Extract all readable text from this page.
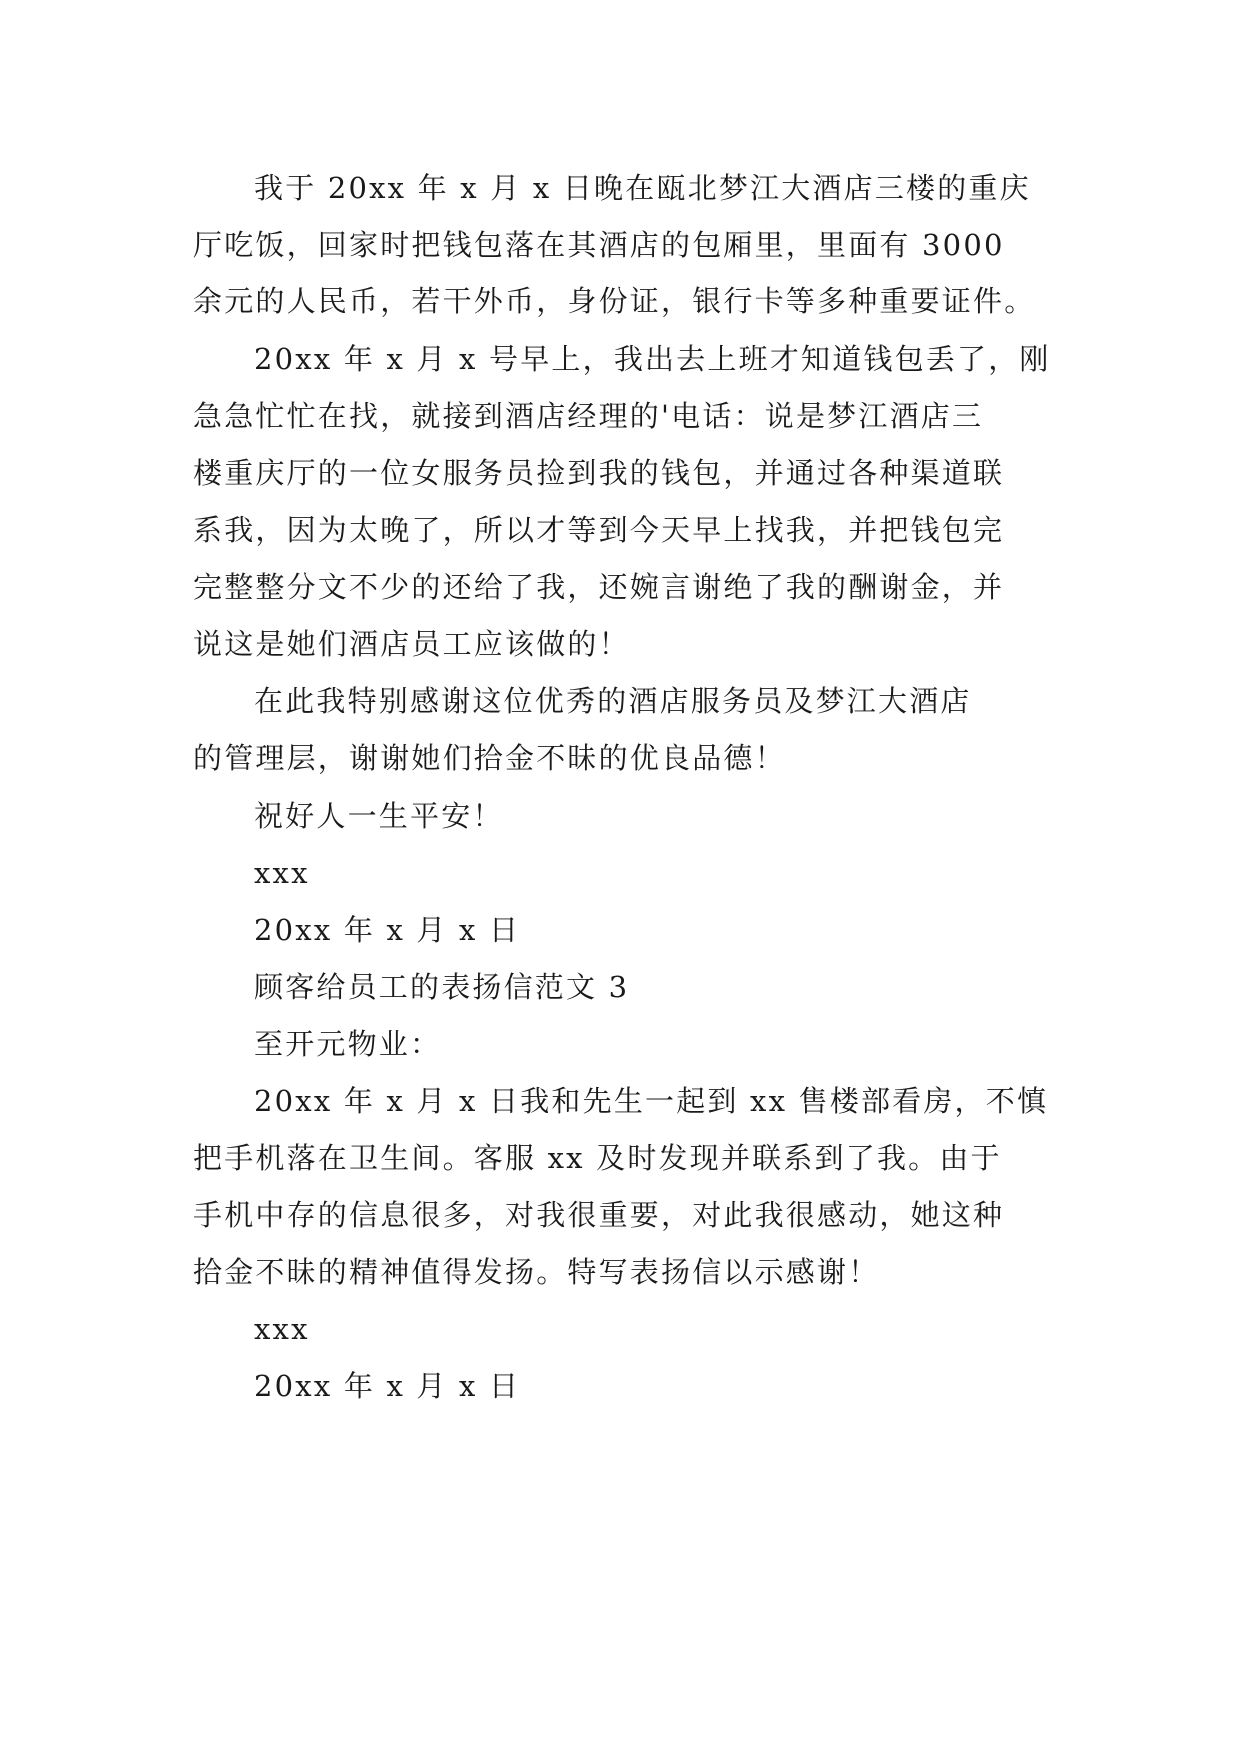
我于 20xx 年 x 月 x 日晚在瓯北梦江大酒店三楼的重庆
厅吃饭，回家时把钱包落在其酒店的包厢里，里面有 3000
余元的人民币，若干外币，身份证，银行卡等多种重要证件。
20xx 年 x 月 x 号早上，我出去上班才知道钱包丢了，刚
急急忙忙在找，就接到酒店经理的'电话：说是梦江酒店三
楼重庆厅的一位女服务员捡到我的钱包，并通过各种渠道联
系我，因为太晚了，所以才等到今天早上找我，并把钱包完
完整整分文不少的还给了我，还婉言谢绝了我的酬谢金，并
说这是她们酒店员工应该做的！
在此我特别感谢这位优秀的酒店服务员及梦江大酒店
的管理层，谢谢她们拾金不昧的优良品德！
祝好人一生平安！
xxx
20xx 年 x 月 x 日
顾客给员工的表扬信范文 3
至开元物业：
20xx 年 x 月 x 日我和先生一起到 xx 售楼部看房，不慎
把手机落在卫生间。客服 xx 及时发现并联系到了我。由于
手机中存的信息很多，对我很重要，对此我很感动，她这种
拾金不昧的精神值得发扬。特写表扬信以示感谢！
xxx
20xx 年 x 月 x 日
